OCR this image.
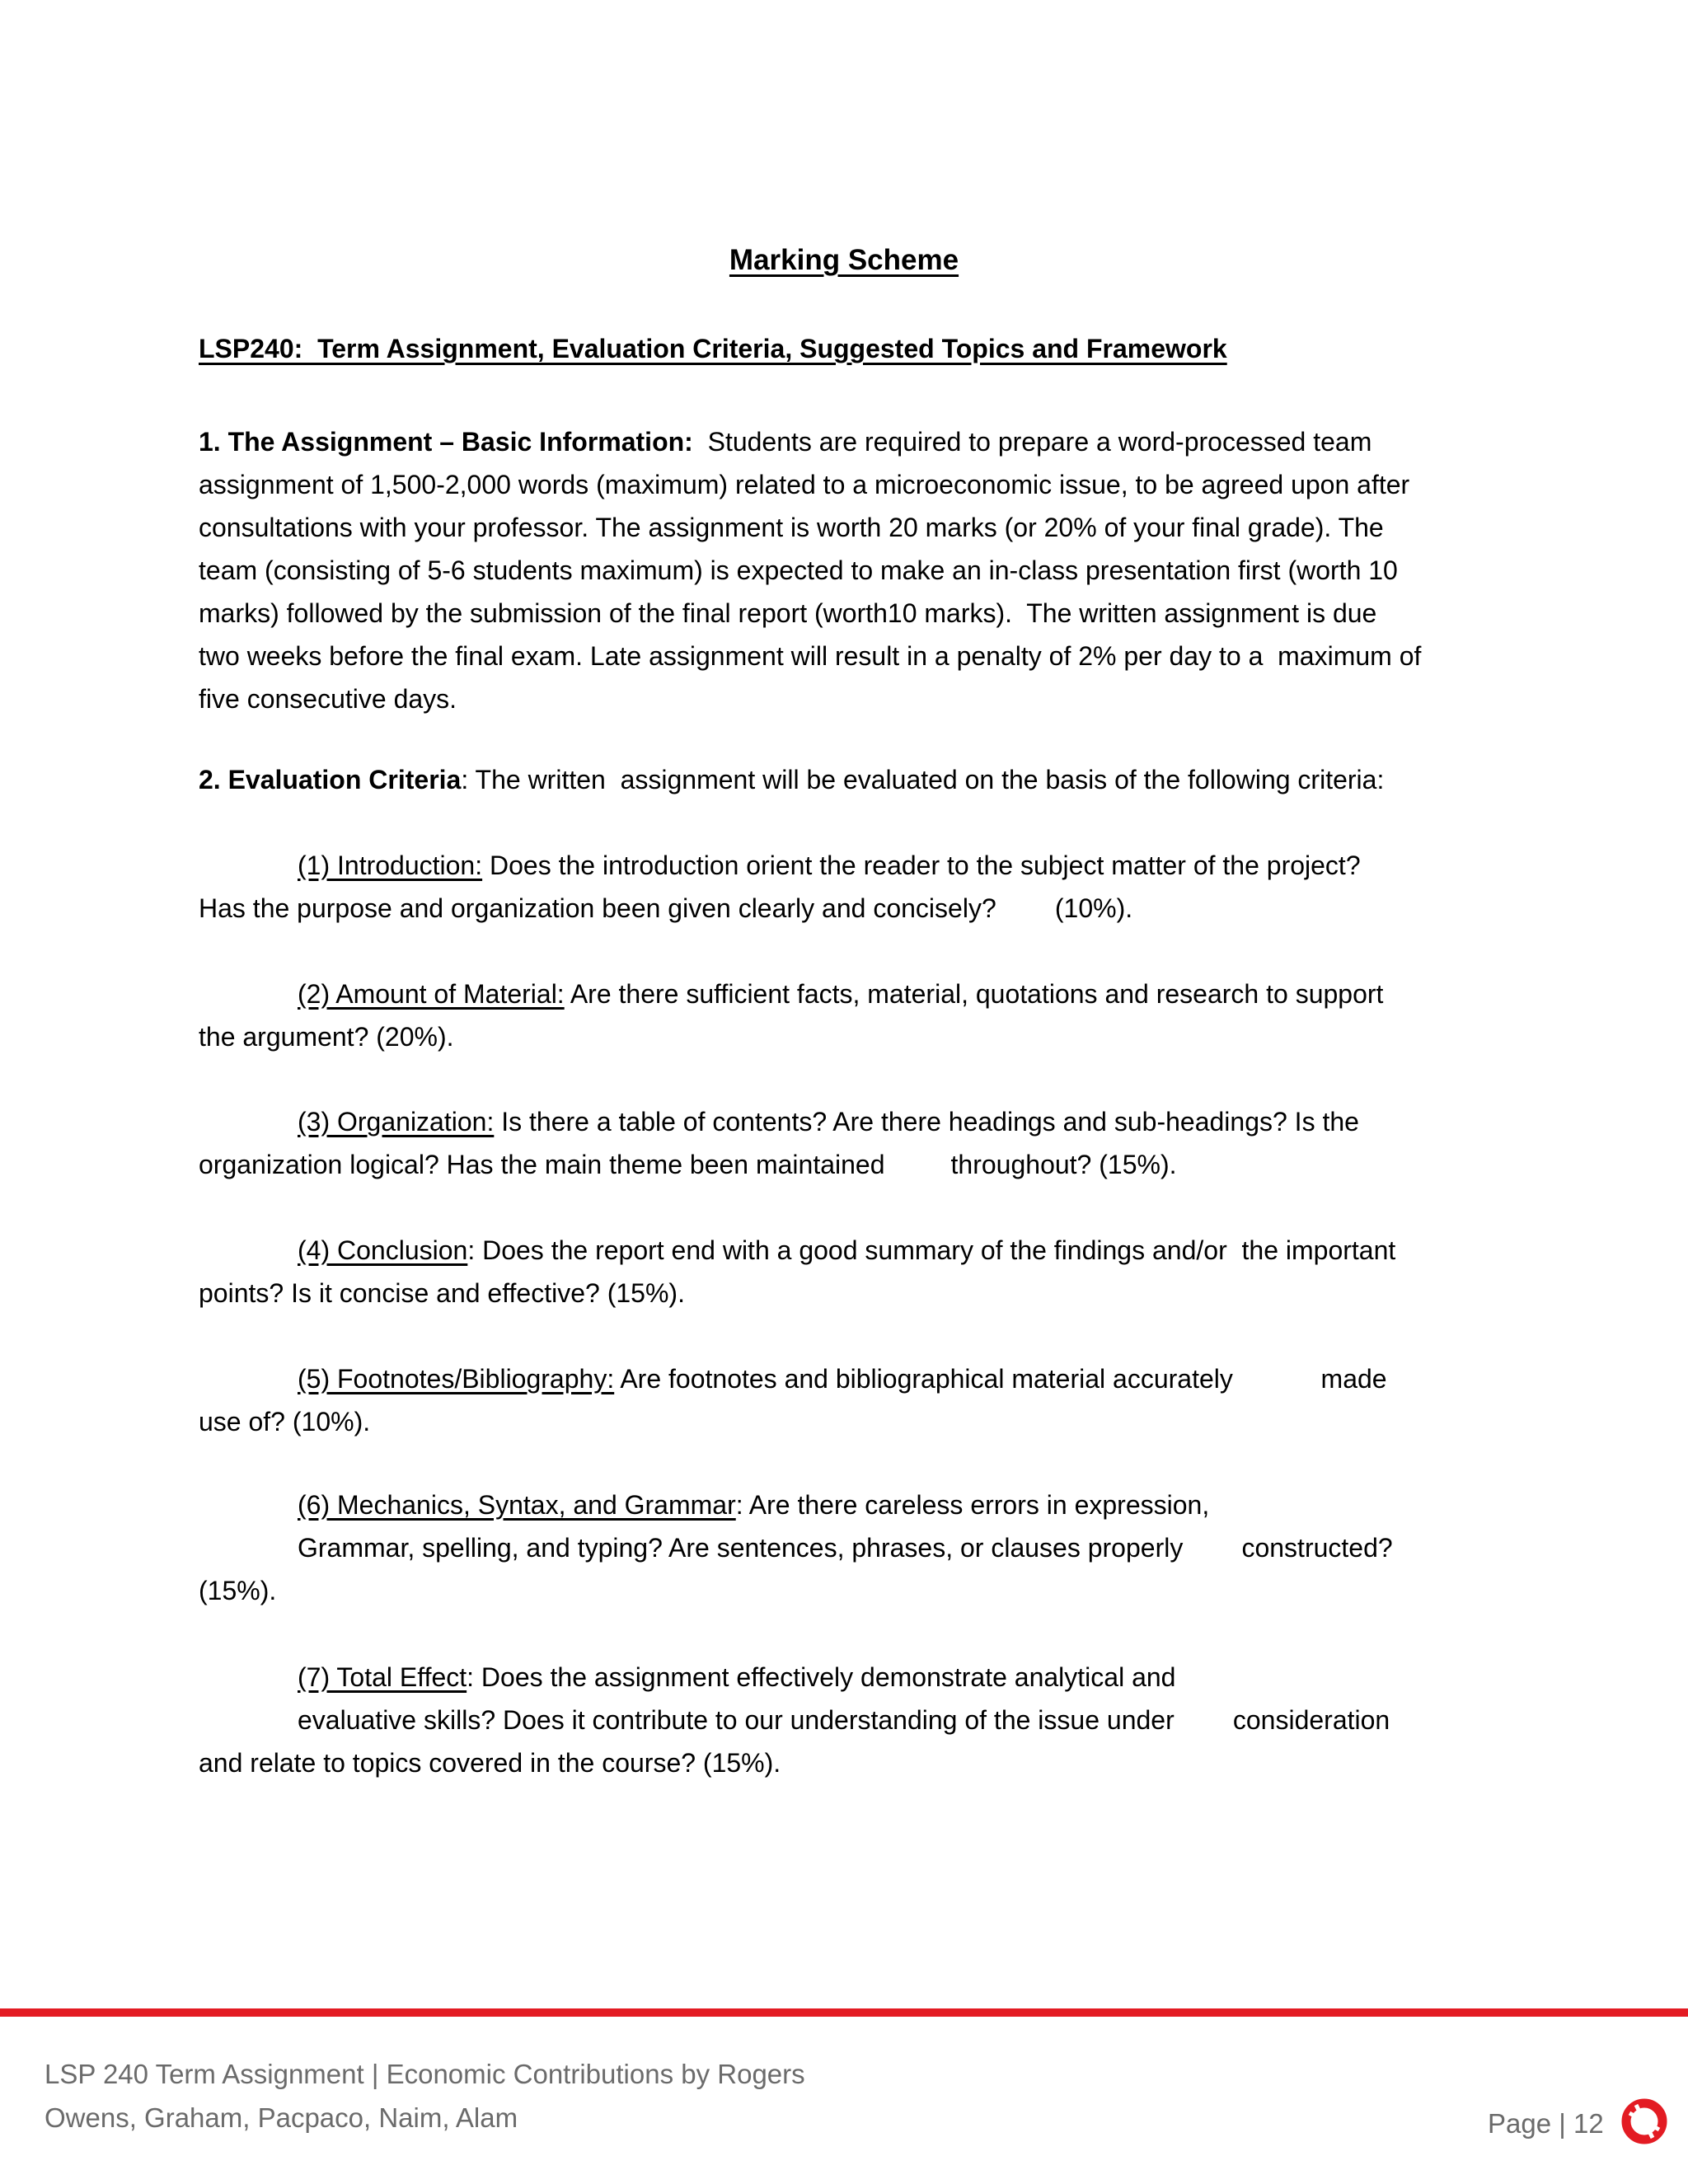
Marking Scheme
LSP240:  Term Assignment, Evaluation Criteria, Suggested Topics and Framework
1. The Assignment – Basic Information: Students are required to prepare a word-processed team
assignment of 1,500-2,000 words (maximum) related to a microeconomic issue, to be agreed upon after
consultations with your professor. The assignment is worth 20 marks (or 20% of your final grade). The
team (consisting of 5-6 students maximum) is expected to make an in-class presentation first (worth 10
marks) followed by the submission of the final report (worth10 marks).  The written assignment is due
two weeks before the final exam. Late assignment will result in a penalty of 2% per day to a  maximum of
five consecutive days.
2. Evaluation Criteria: The written  assignment will be evaluated on the basis of the following criteria:
(1) Introduction: Does the introduction orient the reader to the subject matter of the project?
Has the purpose and organization been given clearly and concisely?        (10%).
(2) Amount of Material: Are there sufficient facts, material, quotations and research to support
the argument? (20%).
(3) Organization: Is there a table of contents? Are there headings and sub-headings? Is the
organization logical? Has the main theme been maintained         throughout? (15%).
(4) Conclusion: Does the report end with a good summary of the findings and/or  the important
points? Is it concise and effective? (15%).
(5) Footnotes/Bibliography: Are footnotes and bibliographical material accurately            made
use of? (10%).
(6) Mechanics, Syntax, and Grammar: Are there careless errors in expression,
Grammar, spelling, and typing? Are sentences, phrases, or clauses properly        constructed?
(15%).
(7) Total Effect: Does the assignment effectively demonstrate analytical and
evaluative skills? Does it contribute to our understanding of the issue under        consideration
and relate to topics covered in the course? (15%).
LSP 240 Term Assignment | Economic Contributions by Rogers
Owens, Graham, Pacpaco, Naim, Alam	Page | 12
